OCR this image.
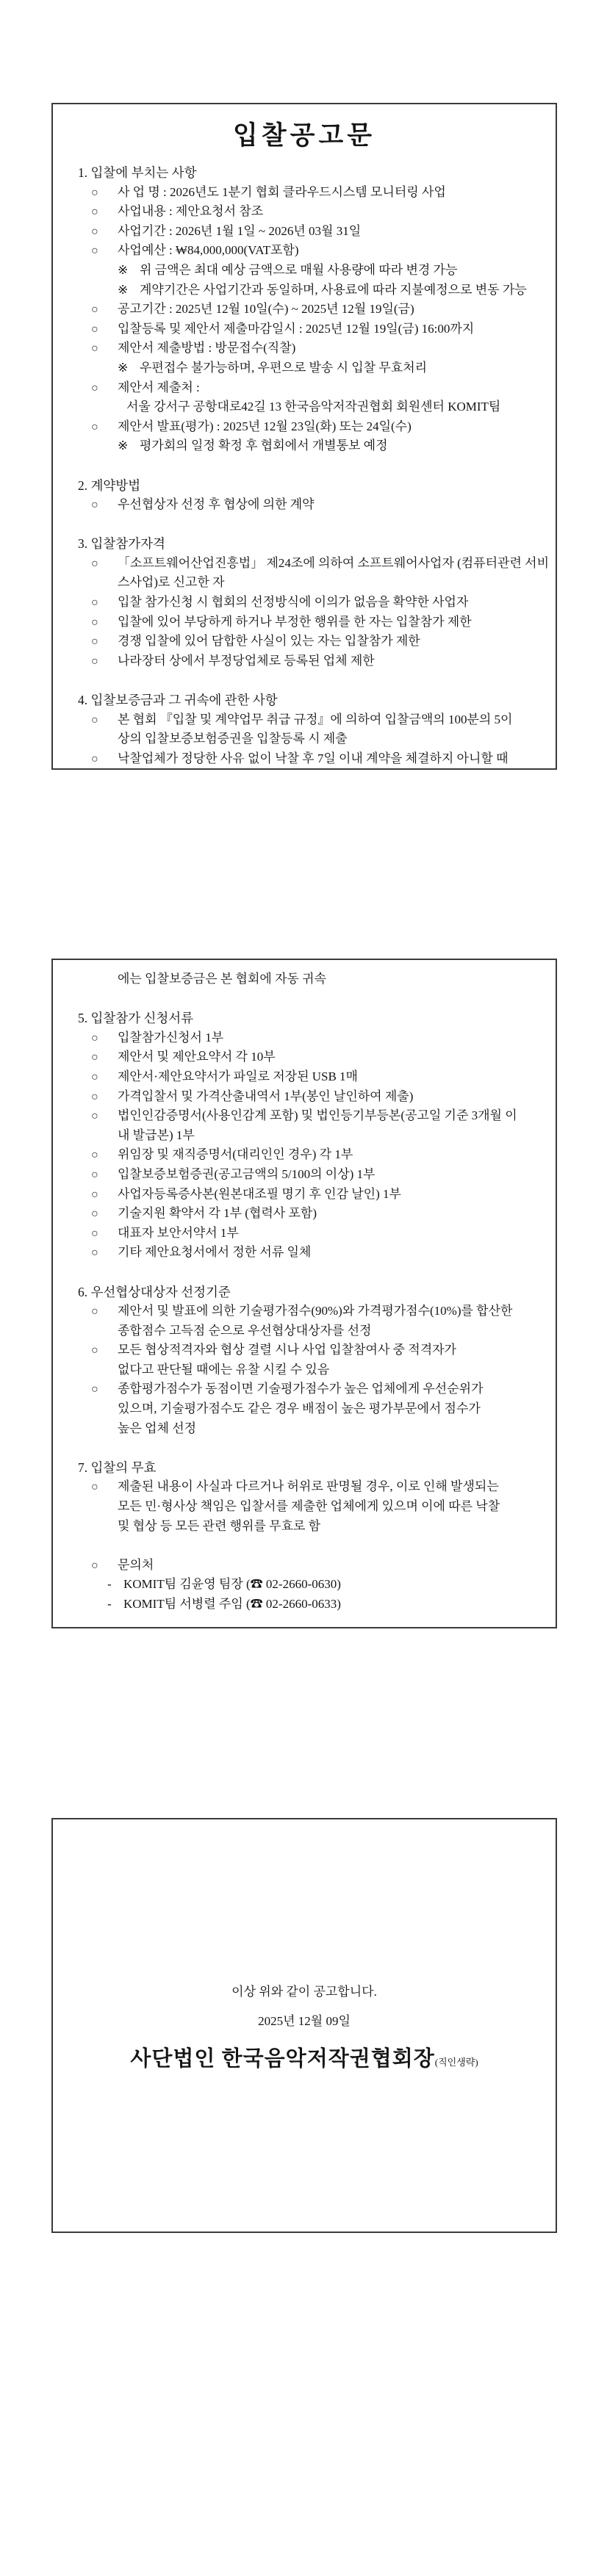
입찰공고문
1. 입찰에 부치는 사항
○ 사 업 명 : 2026년도 1분기 협회 클라우드시스템 모니터링 사업
○ 사업내용 : 제안요청서 참조
○ 사업기간 : 2026년 1월 1일 ~ 2026년 03월 31일
○ 사업예산 : ₩84,000,000(VAT포함)
※ 위 금액은 최대 예상 금액으로 매월 사용량에 따라 변경 가능
※ 계약기간은 사업기간과 동일하며, 사용료에 따라 지불예정으로 변동 가능
○ 공고기간 : 2025년 12월 10일(수) ~ 2025년 12월 19일(금)
○ 입찰등록 및 제안서 제출마감일시 : 2025년 12월 19일(금) 16:00까지
○ 제안서 제출방법 : 방문접수(직찰)
※ 우편접수 불가능하며, 우편으로 발송 시 입찰 무효처리
○ 제안서 제출처 :
서울 강서구 공항대로42길 13 한국음악저작권협회 회원센터 KOMIT팀
○ 제안서 발표(평가) : 2025년 12월 23일(화) 또는 24일(수)
※ 평가회의 일정 확정 후 협회에서 개별통보 예정
2. 계약방법
○ 우선협상자 선정 후 협상에 의한 계약
3. 입찰참가자격
○ 「소프트웨어산업진흥법」 제24조에 의하여 소프트웨어사업자 (컴퓨터관련 서비
스사업)로 신고한 자
○ 입찰 참가신청 시 협회의 선정방식에 이의가 없음을 확약한 사업자
○ 입찰에 있어 부당하게 하거나 부정한 행위를 한 자는 입찰참가 제한
○ 경쟁 입찰에 있어 담합한 사실이 있는 자는 입찰참가 제한
○ 나라장터 상에서 부정당업체로 등록된 업체 제한
4. 입찰보증금과 그 귀속에 관한 사항
○ 본 협회 『입찰 및 계약업무 취급 규정』에 의하여 입찰금액의 100분의 5이
상의 입찰보증보험증권을 입찰등록 시 제출
○ 낙찰업체가 정당한 사유 없이 낙찰 후 7일 이내 계약을 체결하지 아니할 때
에는 입찰보증금은 본 협회에 자동 귀속
5. 입찰참가 신청서류
○ 입찰참가신청서 1부
○ 제안서 및 제안요약서 각 10부
○ 제안서·제안요약서가 파일로 저장된 USB 1매
○ 가격입찰서 및 가격산출내역서 1부(봉인 날인하여 제출)
○ 법인인감증명서(사용인감계 포함) 및 법인등기부등본(공고일 기준 3개월 이
내 발급본) 1부
○ 위임장 및 재직증명서(대리인인 경우) 각 1부
○ 입찰보증보험증권(공고금액의 5/100의 이상) 1부
○ 사업자등록증사본(원본대조필 명기 후 인감 날인) 1부
○ 기술지원 확약서 각 1부 (협력사 포함)
○ 대표자 보안서약서 1부
○ 기타 제안요청서에서 정한 서류 일체
6. 우선협상대상자 선정기준
○ 제안서 및 발표에 의한 기술평가점수(90%)와 가격평가점수(10%)를 합산한
종합점수 고득점 순으로 우선협상대상자를 선정
○ 모든 협상적격자와 협상 결렬 시나 사업 입찰참여사 중 적격자가
없다고 판단될 때에는 유찰 시킬 수 있음
○ 종합평가점수가 동점이면 기술평가점수가 높은 업체에게 우선순위가
있으며, 기술평가점수도 같은 경우 배점이 높은 평가부문에서 점수가
높은 업체 선정
7. 입찰의 무효
○ 제출된 내용이 사실과 다르거나 허위로 판명될 경우, 이로 인해 발생되는
모든 민·형사상 책임은 입찰서를 제출한 업체에게 있으며 이에 따른 낙찰
및 협상 등 모든 관련 행위를 무효로 함
○ 문의처
- KOMIT팀 김윤영 팀장 (☎ 02-2660-0630)
- KOMIT팀 서병렬 주임 (☎ 02-2660-0633)
이상 위와 같이 공고합니다.
2025년 12월 09일
사단법인 한국음악저작권협회장(직인생략)
